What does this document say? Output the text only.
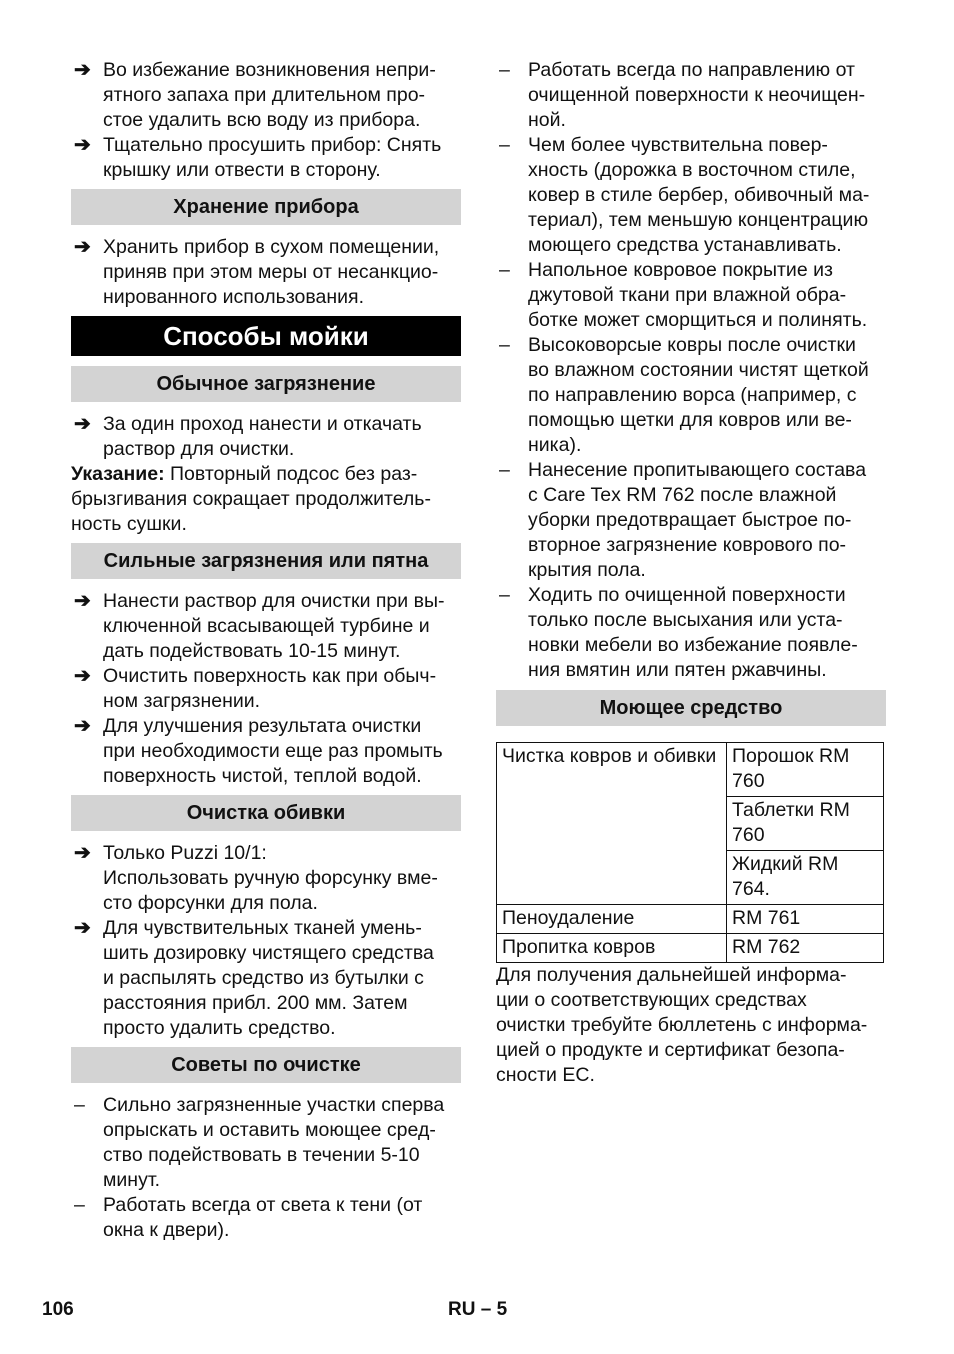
➔ Во избежание возникновения непри-
ятного запаха при длительном про-
стое удалить всю воду из прибора.
➔ Тщательно просушить прибор: Снять
крышку или отвести в сторону.
Хранение прибора
➔ Хранить прибор в сухом помещении,
приняв при этом меры от несанкцио-
нированного использования.
Способы мойки
Обычное загрязнение
➔ За один проход нанести и откачать
раствор для очистки.
Указание: Повторный подсос без раз-
брызгивания сокращает продолжитель-
ность сушки.
Сильные загрязнения или пятна
➔ Нанести раствор для очистки при вы-
ключенной всасывающей турбине и
дать подействовать 10-15 минут.
➔ Очистить поверхность как при обыч-
ном загрязнении.
➔ Для улучшения результата очистки
при необходимости еще раз промыть
поверхность чистой, теплой водой.
Очистка обивки
➔ Только Puzzi 10/1:
Использовать ручную форсунку вме-
сто форсунки для пола.
➔ Для чувствительных тканей умень-
шить дозировку чистящего средства
и распылять средство из бутылки с
расстояния прибл. 200 мм. Затем
просто удалить средство.
Советы по очистке
– Сильно загрязненные участки сперва
опрыскать и оставить моющее сред-
ство подействовать в течении 5-10
минут.
– Работать всегда от света к тени (от
окна к двери).
– Работать всегда по направлению от
очищенной поверхности к неочищен-
ной.
– Чем более чувствительна повер-
хность (дорожка в восточном стиле,
ковер в стиле бербер, обивочный ма-
териал), тем меньшую концентрацию
моющего средства устанавливать.
– Напольное ковровое покрытие из
джутовой ткани при влажной обра-
ботке может сморщиться и полинять.
– Высоковорсые ковры после очистки
во влажном состоянии чистят щеткой
по направлению ворса (например, с
помощью щетки для ковров или ве-
ника).
– Нанесение пропитывающего состава
с Care Tex RM 762 после влажной
уборки предотвращает быстрое по-
вторное загрязнение ковровоrо по-
крытия пола.
– Ходить по очищенной поверхности
только после высыхания или уста-
новки мебели во избежание появле-
ния вмятин или пятен ржавчины.
Моющее средство
Чистка ковров и обивки	Порошок RM
760
	Таблетки RM
760
	Жидкий RM
764.
Пеноудаление	RM 761
Пропитка ковров	RM 762
Для получения дальнейшей информа-
ции о соответствующих средствах
очистки требуйте бюллетень с информа-
цией о продукте и сертификат безопа-
сности ЕС.
106	RU – 5
